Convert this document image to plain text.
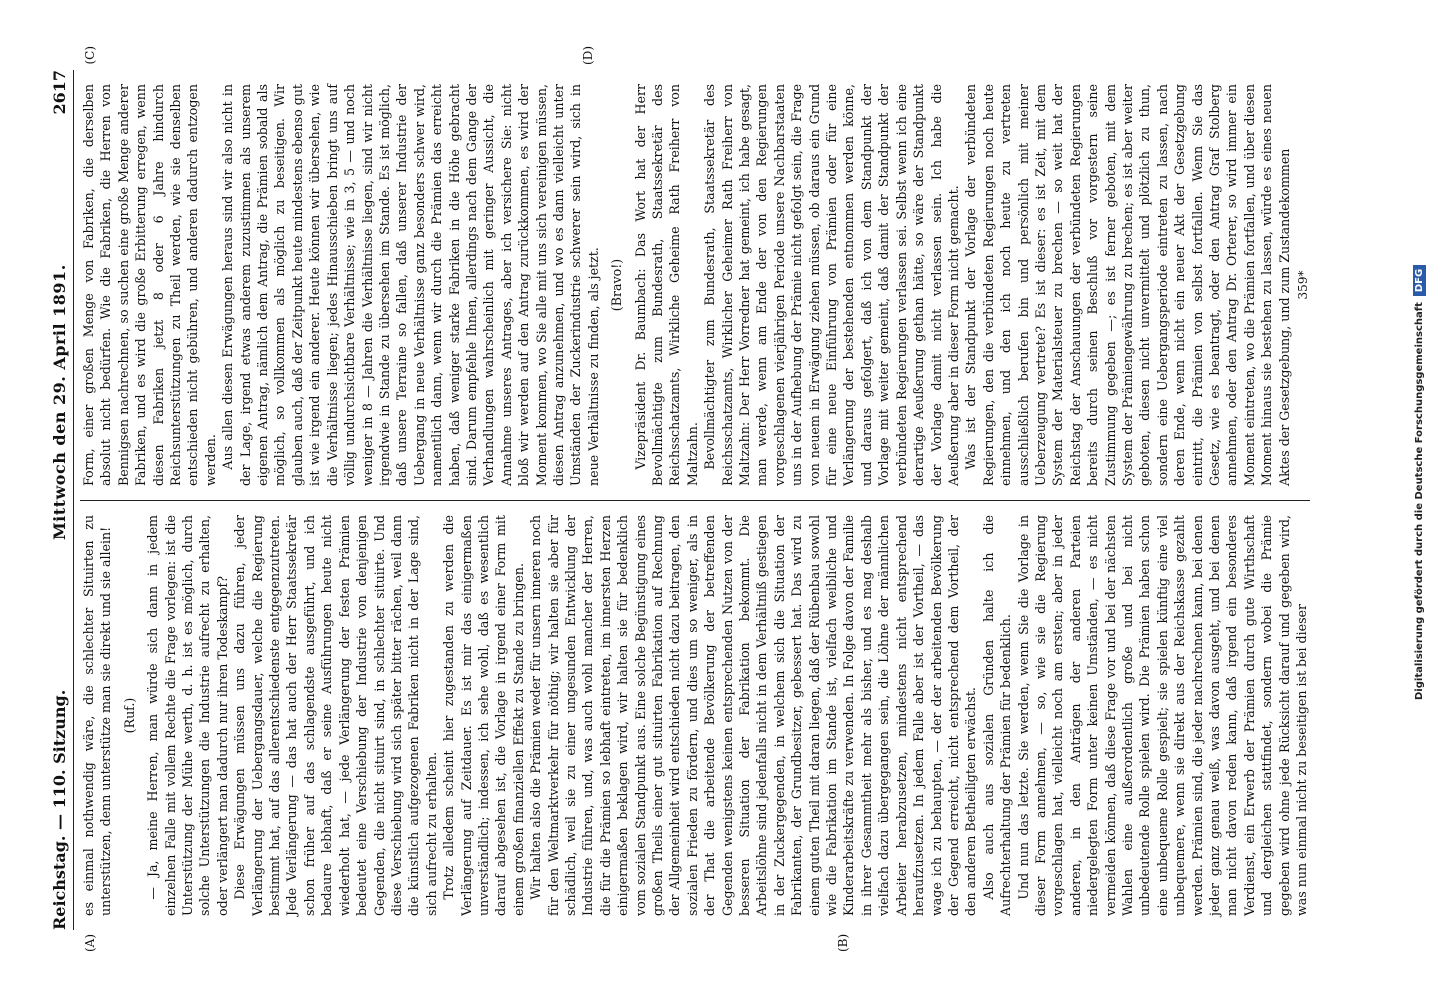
Reichstag. — 110. Sitzung.
Mittwoch den 29. April 1891.
2617
(A)	(B)

es einmal nothwendig wäre, die schlechter Situirten zu unterstützen, denn unterstütze man sie direkt und sie allein! (Ruf.) — Ja, meine Herren, man würde sich dann in jedem einzelnen Falle mit vollem Rechte die Frage vorlegen: ist die Unterstützung der Mühe werth, d. h. ist es möglich, durch solche Unterstützungen die Industrie aufrecht zu erhalten, oder verlängert man dadurch nur ihren Todeskampf? Diese Erwägungen müssen uns dazu führen, jeder Verlängerung der Uebergangsdauer, welche die Regierung bestimmt hat, auf das allerentschiedenste entgegenzutreten. Jede Verlängerung — das hat auch der Herr Staatssekretär schon früher auf das schlagendste ausgeführt, und ich bedaure lebhaft, daß er seine Ausführungen heute nicht wiederholt hat, — jede Verlängerung der festen Prämien bedeutet eine Verschiebung der Industrie von denjenigen Gegenden, die nicht situirt sind, in schlechter situirte. Und diese Verschiebung wird sich später bitter rächen, weil dann die künstlich aufgezogenen Fabriken nicht in der Lage sind, sich aufrecht zu erhalten. Trotz alledem scheint hier zugestanden zu werden die Verlängerung auf Zeitdauer. Es ist mir das einigermaßen unverständlich; indessen, ich sehe wohl, daß es wesentlich darauf abgesehen ist, die Vorlage in irgend einer Form mit einem großen finanziellen Effekt zu Stande zu bringen. Wir halten also die Prämien weder für unsern inneren noch für den Weltmarktverkehr für nöthig; wir halten sie aber für schädlich, weil sie zu einer ungesunden Entwicklung der Industrie führen, und, was auch wohl mancher der Herren, die für die Prämien so lebhaft eintreten, im innersten Herzen einigermaßen beklagen wird, wir halten sie für bedenklich vom sozialen Standpunkt aus. Eine solche Begünstigung eines großen Theils einer gut situirten Fabrikation auf Rechnung der Allgemeinheit wird entschieden nicht dazu beitragen, den sozialen Frieden zu fördern, und dies um so weniger, als in der That die arbeitende Bevölkerung der betreffenden Gegenden wenigstens keinen entsprechenden Nutzen von der besseren Situation der Fabrikation bekommt. Die Arbeitslöhne sind jedenfalls nicht in dem Verhältniß gestiegen in der Zuckergegenden, in welchem sich die Situation der Fabrikanten, der Grundbesitzer, gebessert hat. Das wird zu einem guten Theil mit daran liegen, daß der Rübenbau sowohl wie die Fabrikation im Stande ist, vielfach weibliche und Kinderarbeitskräfte zu verwenden. In Folge davon der Familie in ihrer Gesammtheit mehr als bisher, und es mag deshalb vielfach dazu übergegangen sein, die Löhne der männlichen Arbeiter herabzusetzen, mindestens nicht entsprechend heraufzusetzen. In jedem Falle aber ist der Vortheil, — das wage ich zu behaupten, — der der arbeitenden Bevölkerung der Gegend erreicht, nicht entsprechend dem Vortheil, der den anderen Betheiligten erwächst. Also auch aus sozialen Gründen halte ich die Aufrechterhaltung der Prämien für bedenklich. Und nun das letzte. Sie werden, wenn Sie die Vorlage in dieser Form annehmen, — so, wie sie die Regierung vorgeschlagen hat, vielleicht noch am ersten; aber in jeder anderen, in den Anträgen der anderen Parteien niedergelegten Form unter keinen Umständen, — es nicht vermeiden können, daß diese Frage vor und bei der nächsten Wahlen eine außerordentlich große und bei nicht unbedeutende Rolle spielen wird. Die Prämien haben schon eine unbequeme Rolle gespielt; sie spielen künftig eine viel unbequemere, wenn sie direkt aus der Reichskasse gezahlt werden. Prämien sind, die jeder nachrechnen kann, bei denen jeder ganz genau weiß, was davon ausgeht, und bei denen man nicht davon reden kann, daß irgend ein besonderes Verdienst, ein Erwerb der Prämien durch gute Wirthschaft und dergleichen stattfindet, sondern wobei die Prämie gegeben wird ohne jede Rücksicht darauf und gegeben wird, was nun einmal nicht zu beseitigen ist bei dieser

(C)	(D)

Form, einer großen Menge von Fabriken, die derselben absolut nicht bedürfen. Wie die Fabriken, die Herren von Bennigsen nachrechnen, so suchen eine große Menge anderer Fabriken, und es wird die große Erbitterung erregen, wenn diesen Fabriken jetzt 8 oder 6 Jahre hindurch Reichsunterstützungen zu Theil werden, wie sie denselben entschieden nicht gebühren, und anderen dadurch entzogen werden. Aus allen diesen Erwägungen heraus sind wir also nicht in der Lage, irgend etwas anderem zuzustimmen als unserem eigenen Antrag, nämlich dem Antrag, die Prämien sobald als möglich, so vollkommen als möglich zu beseitigen. Wir glauben auch, daß der Zeitpunkt heute mindestens ebenso gut ist wie irgend ein anderer. Heute können wir übersehen, wie die Verhältnisse liegen; jedes Hinausschieben bringt uns auf völlig undurchsichtbare Verhältnisse; wie in 3, 5 — und noch weniger in 8 — Jahren die Verhältnisse liegen, sind wir nicht irgendwie in Stande zu übersehen im Stande. Es ist möglich, daß unsere Terraine so fallen, daß unserer Industrie der Uebergang in neue Verhältnisse ganz besonders schwer wird, namentlich dann, wenn wir durch die Prämien das erreicht haben, daß weniger starke Fabriken in die Höhe gebracht sind. Darum empfehle Ihnen, allerdings nach dem Gange der Verhandlungen wahrscheinlich mit geringer Aussicht, die Annahme unseres Antrages, aber ich versichere Sie: nicht bloß wir werden auf den Antrag zurückkommen, es wird der Moment kommen, wo Sie alle mit uns sich vereinigen müssen, diesen Antrag anzunehmen, und wo es dann vielleicht unter Umständen der Zuckerindustrie schwerer sein wird, sich in neue Verhältnisse zu finden, als jetzt. (Bravo!) Vizepräsident Dr. Baumbach: Das Wort hat der Herr Bevollmächtigte zum Bundesrath, Staatssekretär des Reichsschatzamts, Wirkliche Geheime Rath Freiherr von Maltzahn. Bevollmächtigter zum Bundesrath, Staatssekretär des Reichsschatzamts, Wirklicher Geheimer Rath Freiherr von Maltzahn: Der Herr Vorredner hat gemeint, ich habe gesagt, man werde, wenn am Ende der von den Regierungen vorgeschlagenen vierjährigen Periode unsere Nachbarstaaten uns in der Aufhebung der Prämie nicht gefolgt sein, die Frage von neuem in Erwägung ziehen müssen, ob daraus ein Grund für eine neue Einführung von Prämien oder für eine Verlängerung der bestehenden entnommen werden könne, und daraus gefolgert, daß ich von dem Standpunkt der Vorlage mit weiter gemeint, daß damit der Standpunkt der verbündeten Regierungen verlassen sei. Selbst wenn ich eine derartige Aeußerung gethan hätte, so wäre der Standpunkt der Vorlage damit nicht verlassen sein. Ich habe die Aeußerung aber in dieser Form nicht gemacht. Was ist der Standpunkt der Vorlage der verbündeten Regierungen, den die verbündeten Regierungen noch heute einnehmen, und den ich noch heute zu vertreten ausschließlich berufen bin und persönlich mit meiner Ueberzeugung vertrete? Es ist dieser: es ist Zeit, mit dem System der Materialsteuer zu brechen — so weit hat der Reichstag der Anschauungen der verbündeten Regierungen bereits durch seinen Beschluß vor vorgestern seine Zustimmung gegeben —; es ist ferner geboten, mit dem System der Prämiengewährung zu brechen; es ist aber weiter geboten, diesen nicht unvermittelt und plötzlich zu thun, sondern eine Uebergangsperiode eintreten zu lassen, nach deren Ende, wenn nicht ein neuer Akt der Gesetzgebung eintritt, die Prämien von selbst fortfallen. Wenn Sie das Gesetz, wie es beantragt, oder den Antrag Graf Stolberg annehmen, oder den Antrag Dr. Orterer, so wird immer ein Moment eintreten, wo die Prämien fortfallen, und über diesen Moment hinaus sie bestehen zu lassen, würde es eines neuen Aktes der Gesetzgebung, und zum Zustandekommen 359*
Digitalisierung gefördert durch die Deutsche Forschungsgemeinschaft
DFG
